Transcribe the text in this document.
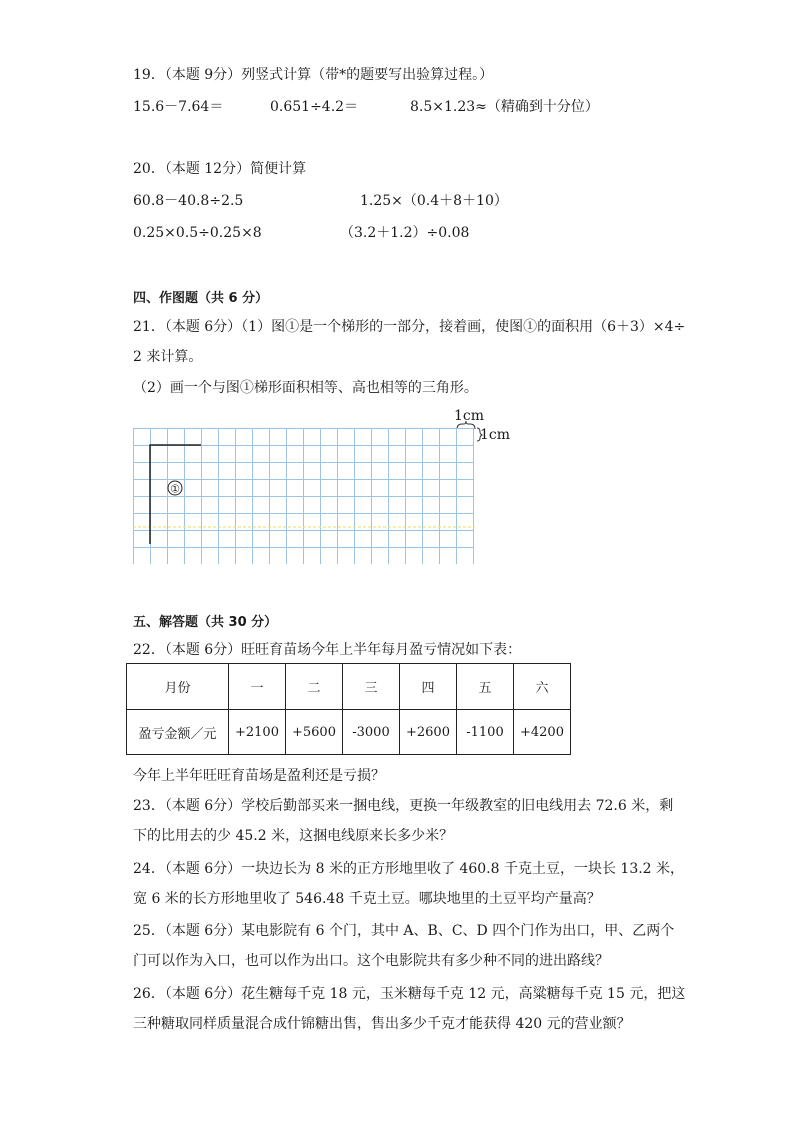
19．（本题 9分）列竖式计算（带*的题要写出验算过程。）
15.6－7.64＝	0.651÷4.2＝	8.5×1.23≈（精确到十分位）
20．（本题 12分）简便计算
60.8－40.8÷2.5	1.25×（0.4＋8＋10）
0.25×0.5÷0.25×8	（3.2＋1.2）÷0.08
四、作图题（共 6 分）
21．（本题 6分）（1）图①是一个梯形的一部分，接着画，使图①的面积用（6＋3）×4÷
2 来计算。
（2）画一个与图①梯形面积相等、高也相等的三角形。
1cm
1cm
①
五、解答题（共 30 分）
22．（本题 6分）旺旺育苗场今年上半年每月盈亏情况如下表：
月份	一	二	三	四	五	六
盈亏金额／元	+2100	+5600	-3000	+2600	-1100	+4200
今年上半年旺旺育苗场是盈利还是亏损？
23．（本题 6分）学校后勤部买来一捆电线，更换一年级教室的旧电线用去 72.6 米，剩
下的比用去的少 45.2 米，这捆电线原来长多少米？
24．（本题 6分）一块边长为 8 米的正方形地里收了 460.8 千克土豆，一块长 13.2 米，
宽 6 米的长方形地里收了 546.48 千克土豆。哪块地里的土豆平均产量高？
25．（本题 6分）某电影院有 6 个门，其中 A、B、C、D 四个门作为出口，甲、乙两个
门可以作为入口，也可以作为出口。这个电影院共有多少种不同的进出路线？
26．（本题 6分）花生糖每千克 18 元，玉米糖每千克 12 元，高粱糖每千克 15 元，把这
三种糖取同样质量混合成什锦糖出售，售出多少千克才能获得 420 元的营业额？
